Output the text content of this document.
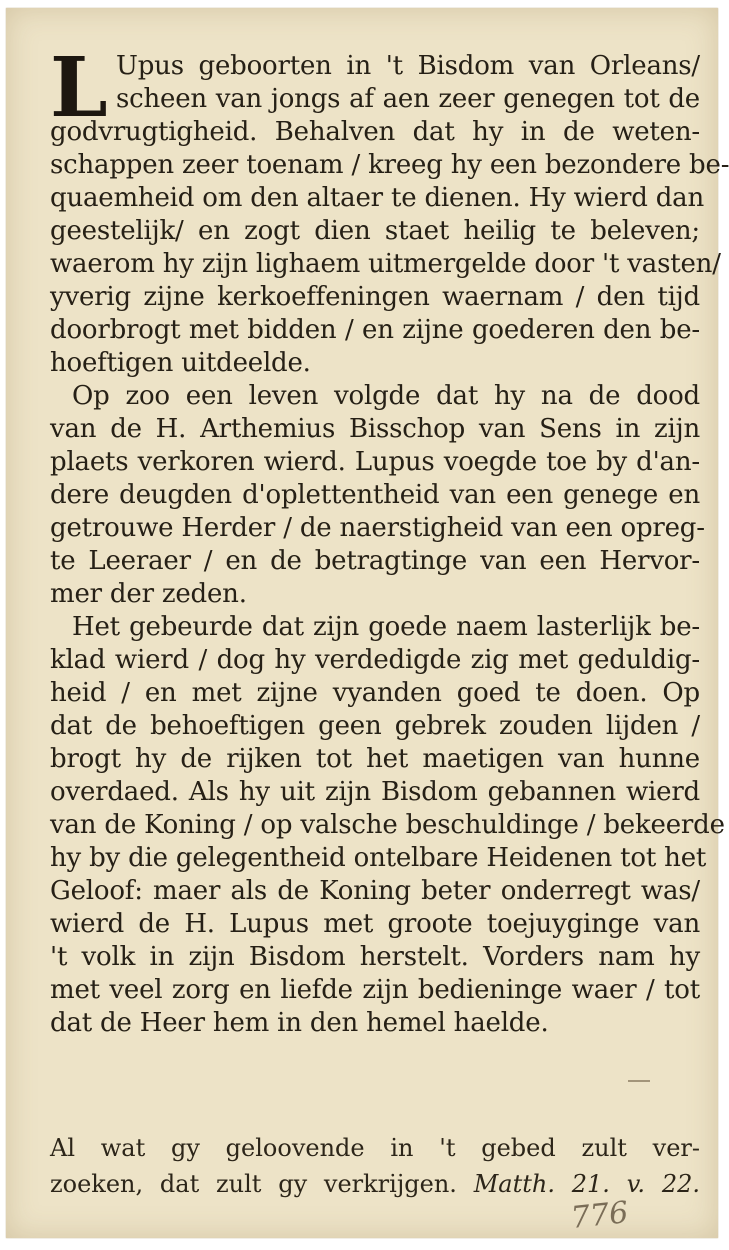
L Upus geboorten in 't Bisdom van Orleans/
scheen van jongs af aen zeer genegen tot de
godvrugtigheid. Behalven dat hy in de weten-
schappen zeer toenam / kreeg hy een bezondere be-
quaemheid om den altaer te dienen. Hy wierd dan
geestelijk/ en zogt dien staet heilig te beleven;
waerom hy zijn lighaem uitmergelde door 't vasten/
yverig zijne kerkoeffeningen waernam / den tijd
doorbrogt met bidden / en zijne goederen den be-
hoeftigen uitdeelde.
Op zoo een leven volgde dat hy na de dood
van de H. Arthemius Bisschop van Sens in zijn
plaets verkoren wierd. Lupus voegde toe by d'an-
dere deugden d'oplettentheid van een genege en
getrouwe Herder / de naerstigheid van een opreg-
te Leeraer / en de betragtinge van een Hervor-
mer der zeden.
Het gebeurde dat zijn goede naem lasterlijk be-
klad wierd / dog hy verdedigde zig met geduldig-
heid / en met zijne vyanden goed te doen. Op
dat de behoeftigen geen gebrek zouden lijden /
brogt hy de rijken tot het maetigen van hunne
overdaed. Als hy uit zijn Bisdom gebannen wierd
van de Koning / op valsche beschuldinge / bekeerde
hy by die gelegentheid ontelbare Heidenen tot het
Geloof: maer als de Koning beter onderregt was/
wierd de H. Lupus met groote toejuyginge van
't volk in zijn Bisdom herstelt. Vorders nam hy
met veel zorg en liefde zijn bedieninge waer / tot
dat de Heer hem in den hemel haelde.
Al wat gy geloovende in 't gebed zult ver-
zoeken, dat zult gy verkrijgen. Matth. 21. v. 22.
776
